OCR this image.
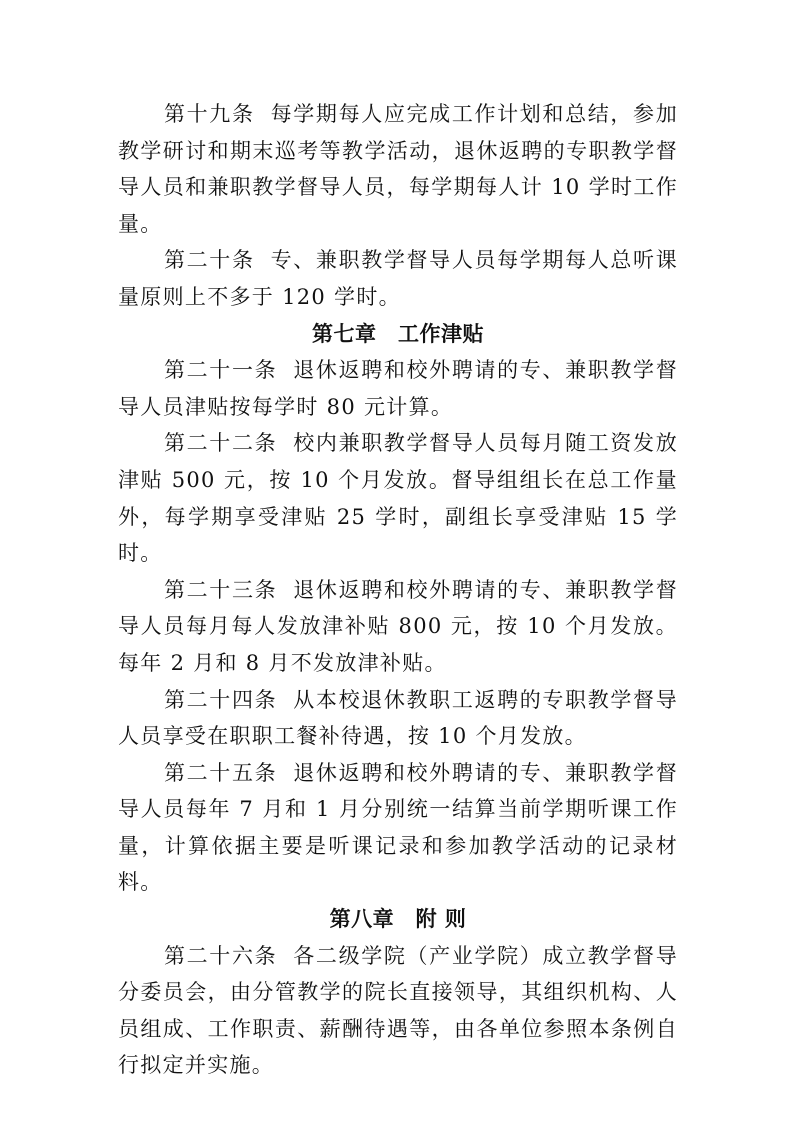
第十九条 每学期每人应完成工作计划和总结，参加教学研讨和期末巡考等教学活动，退休返聘的专职教学督导人员和兼职教学督导人员，每学期每人计 10 学时工作量。

第二十条 专、兼职教学督导人员每学期每人总听课量原则上不多于 120 学时。

第七章　工作津贴

第二十一条 退休返聘和校外聘请的专、兼职教学督导人员津贴按每学时 80 元计算。

第二十二条 校内兼职教学督导人员每月随工资发放津贴 500 元，按 10 个月发放。督导组组长在总工作量外，每学期享受津贴 25 学时，副组长享受津贴 15 学时。

第二十三条 退休返聘和校外聘请的专、兼职教学督导人员每月每人发放津补贴 800 元，按 10 个月发放。每年 2 月和 8 月不发放津补贴。

第二十四条 从本校退休教职工返聘的专职教学督导人员享受在职职工餐补待遇，按 10 个月发放。

第二十五条 退休返聘和校外聘请的专、兼职教学督导人员每年 7 月和 1 月分别统一结算当前学期听课工作量，计算依据主要是听课记录和参加教学活动的记录材料。

第八章　附 则

第二十六条 各二级学院（产业学院）成立教学督导分委员会，由分管教学的院长直接领导，其组织机构、人员组成、工作职责、薪酬待遇等，由各单位参照本条例自行拟定并实施。
